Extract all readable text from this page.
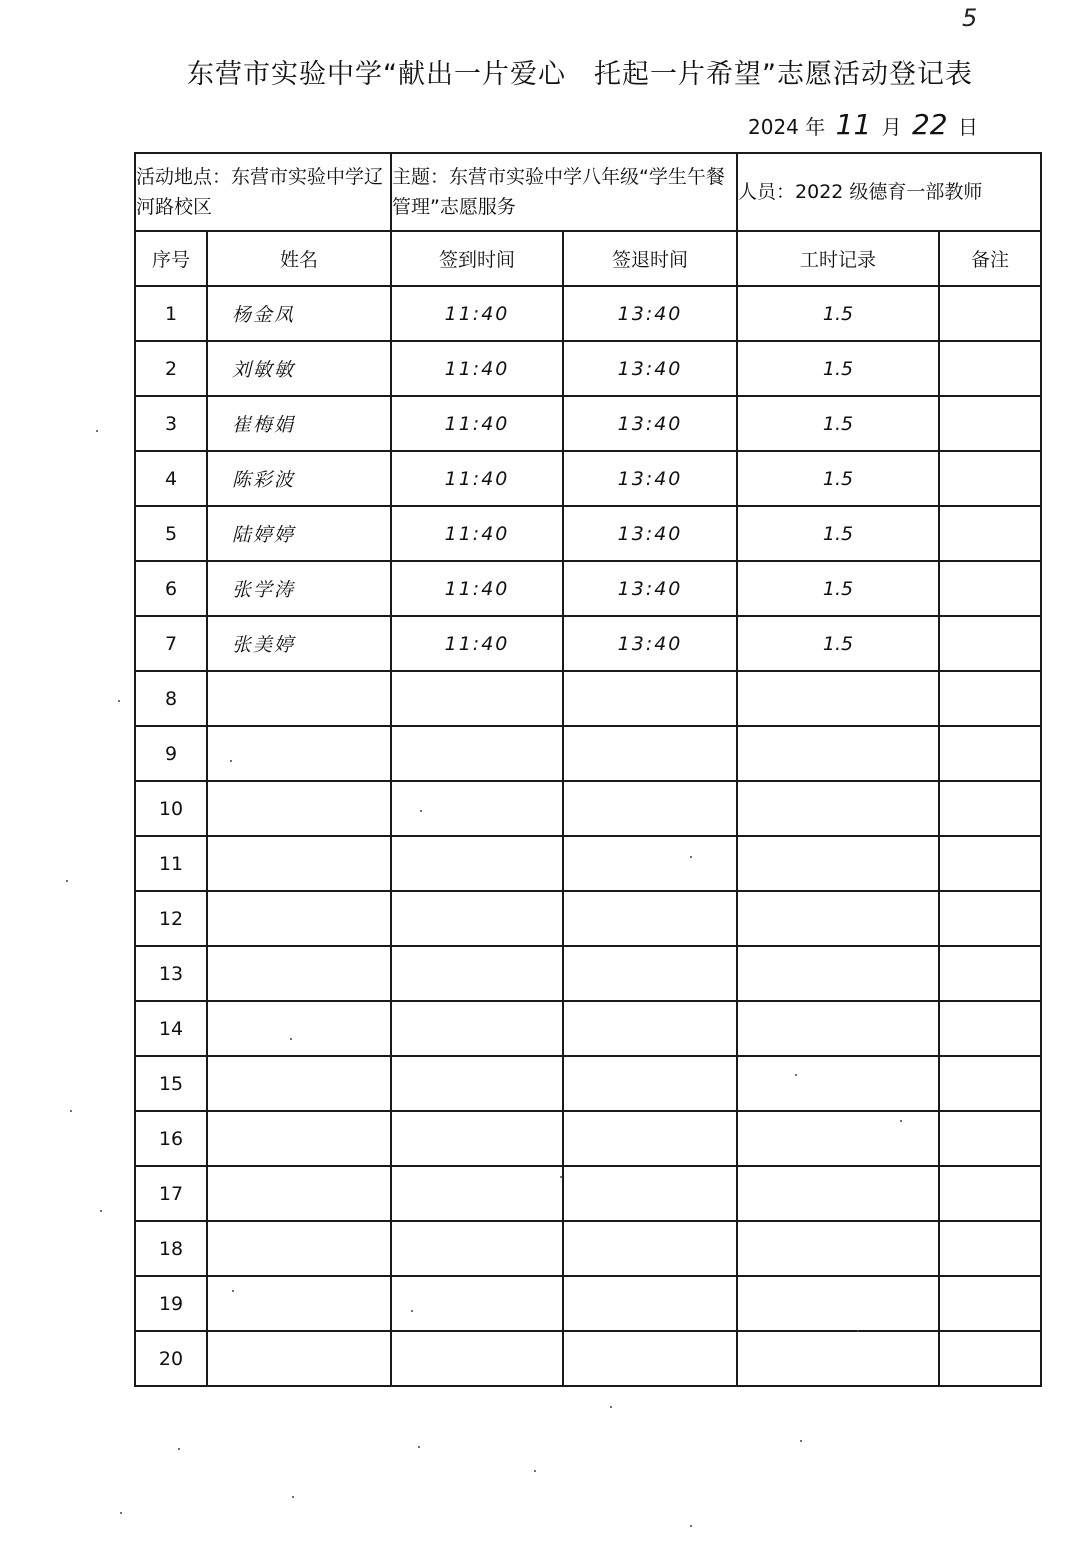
5
东营市实验中学“献出一片爱心　托起一片希望”志愿活动登记表
2024 年 11 月 22 日
活动地点：东营市实验中学辽河路校区		主题：东营市实验中学八年级“学生午餐管理”志愿服务		人员：2022 级德育一部教师	
序号	姓名	签到时间	签退时间	工时记录	备注
1	杨金凤	11:40	13:40	1.5	
2	刘敏敏	11:40	13:40	1.5	
3	崔梅娟	11:40	13:40	1.5	
4	陈彩波	11:40	13:40	1.5	
5	陆婷婷	11:40	13:40	1.5	
6	张学涛	11:40	13:40	1.5	
7	张美婷	11:40	13:40	1.5	
8					
9					
10					
11					
12					
13					
14					
15					
16					
17					
18					
19					
20					
